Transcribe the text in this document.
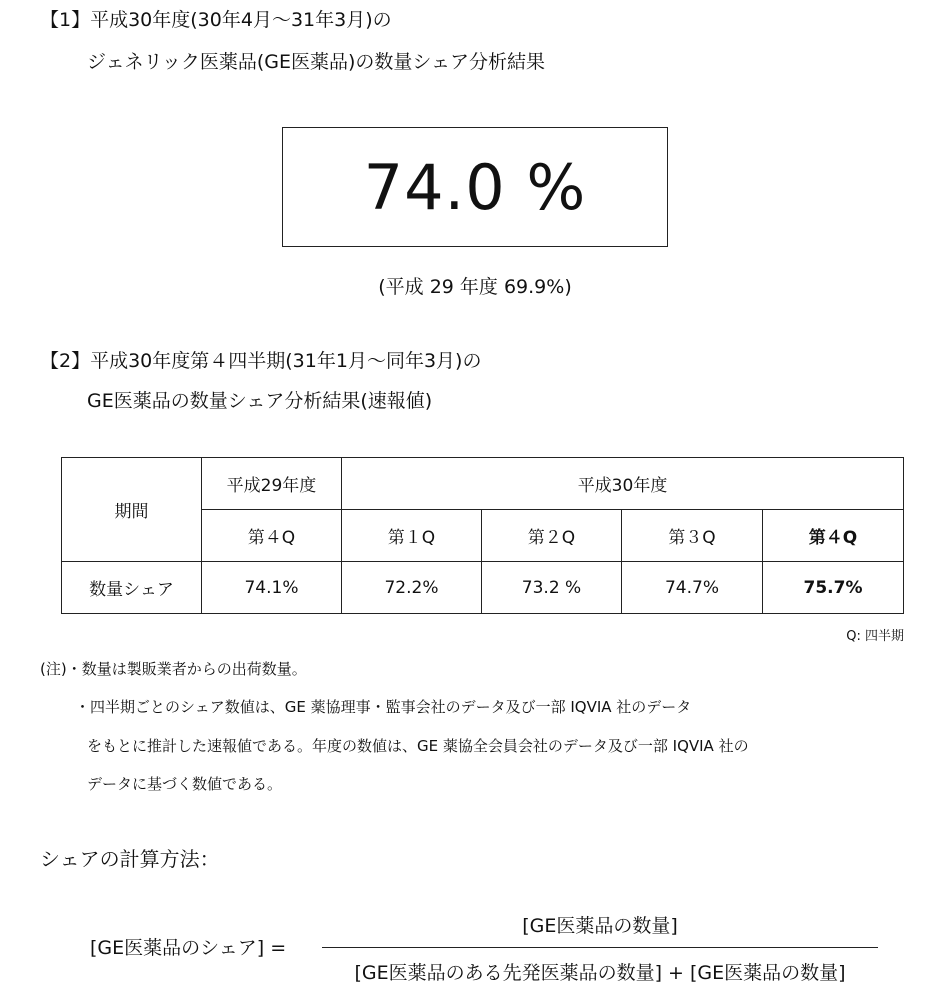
【1】平成30年度(30年4月～31年3月)の
ジェネリック医薬品(GE医薬品)の数量シェア分析結果
74.0 %
(平成 29 年度 69.9%)
【2】平成30年度第４四半期(31年1月～同年3月)の
GE医薬品の数量シェア分析結果(速報値)
期間	平成29年度	平成30年度			
	第４Q	第１Q	第２Q	第３Q	第４Q
数量シェア	74.1%	72.2%	73.2 %	74.7%	75.7%
Q: 四半期
(注)・数量は製販業者からの出荷数量。
・四半期ごとのシェア数値は、GE 薬協理事・監事会社のデータ及び一部 IQVIA 社のデータ
をもとに推計した速報値である。年度の数値は、GE 薬協全会員会社のデータ及び一部 IQVIA 社の
データに基づく数値である。
シェアの計算方法：
[GE医薬品のシェア] =
[GE医薬品の数量]
[GE医薬品のある先発医薬品の数量] + [GE医薬品の数量]
